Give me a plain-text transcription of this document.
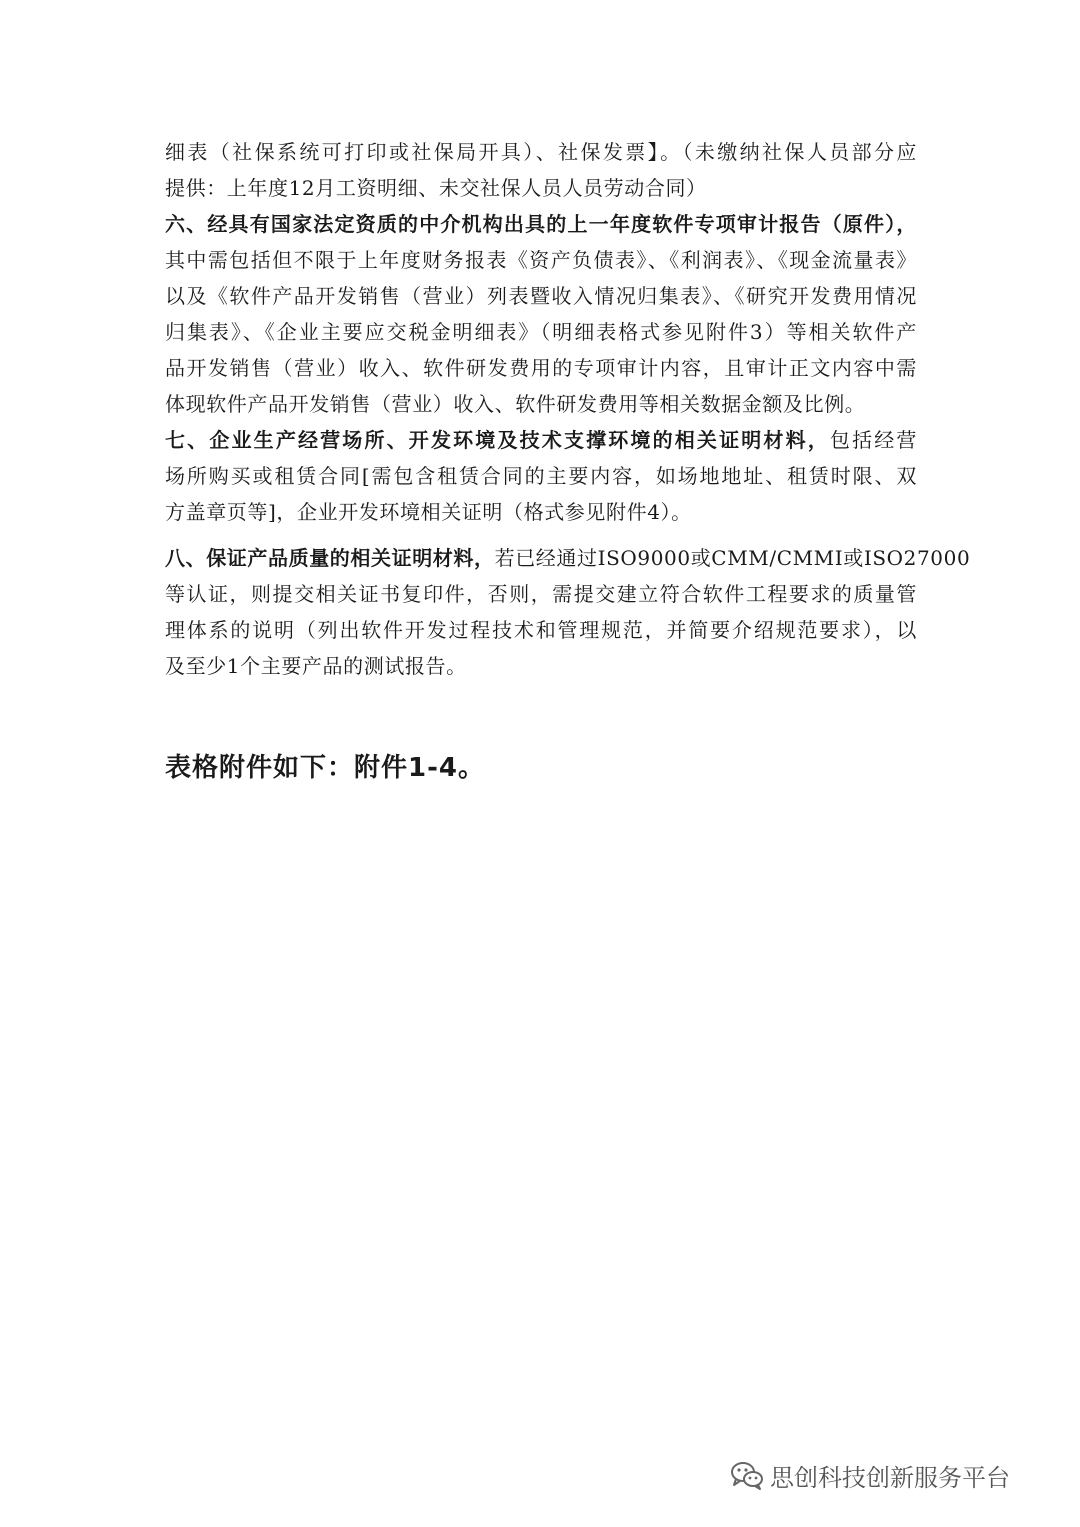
细表（社保系统可打印或社保局开具）、社保发票】。（未缴纳社保人员部分应
提供：上年度12月工资明细、未交社保人员人员劳动合同）
六、经具有国家法定资质的中介机构出具的上一年度软件专项审计报告（原件），
其中需包括但不限于上年度财务报表《资产负债表》、《利润表》、《现金流量表》
以及《软件产品开发销售（营业）列表暨收入情况归集表》、《研究开发费用情况
归集表》、《企业主要应交税金明细表》（明细表格式参见附件3）等相关软件产
品开发销售（营业）收入、软件研发费用的专项审计内容，且审计正文内容中需
体现软件产品开发销售（营业）收入、软件研发费用等相关数据金额及比例。
七、企业生产经营场所、开发环境及技术支撑环境的相关证明材料，包括经营
场所购买或租赁合同[需包含租赁合同的主要内容，如场地地址、租赁时限、双
方盖章页等]，企业开发环境相关证明（格式参见附件4）。
八、保证产品质量的相关证明材料，若已经通过ISO9000或CMM/CMMI或ISO27000
等认证，则提交相关证书复印件，否则，需提交建立符合软件工程要求的质量管
理体系的说明（列出软件开发过程技术和管理规范，并简要介绍规范要求），以
及至少1个主要产品的测试报告。
表格附件如下：附件1-4。
思创科技创新服务平台
